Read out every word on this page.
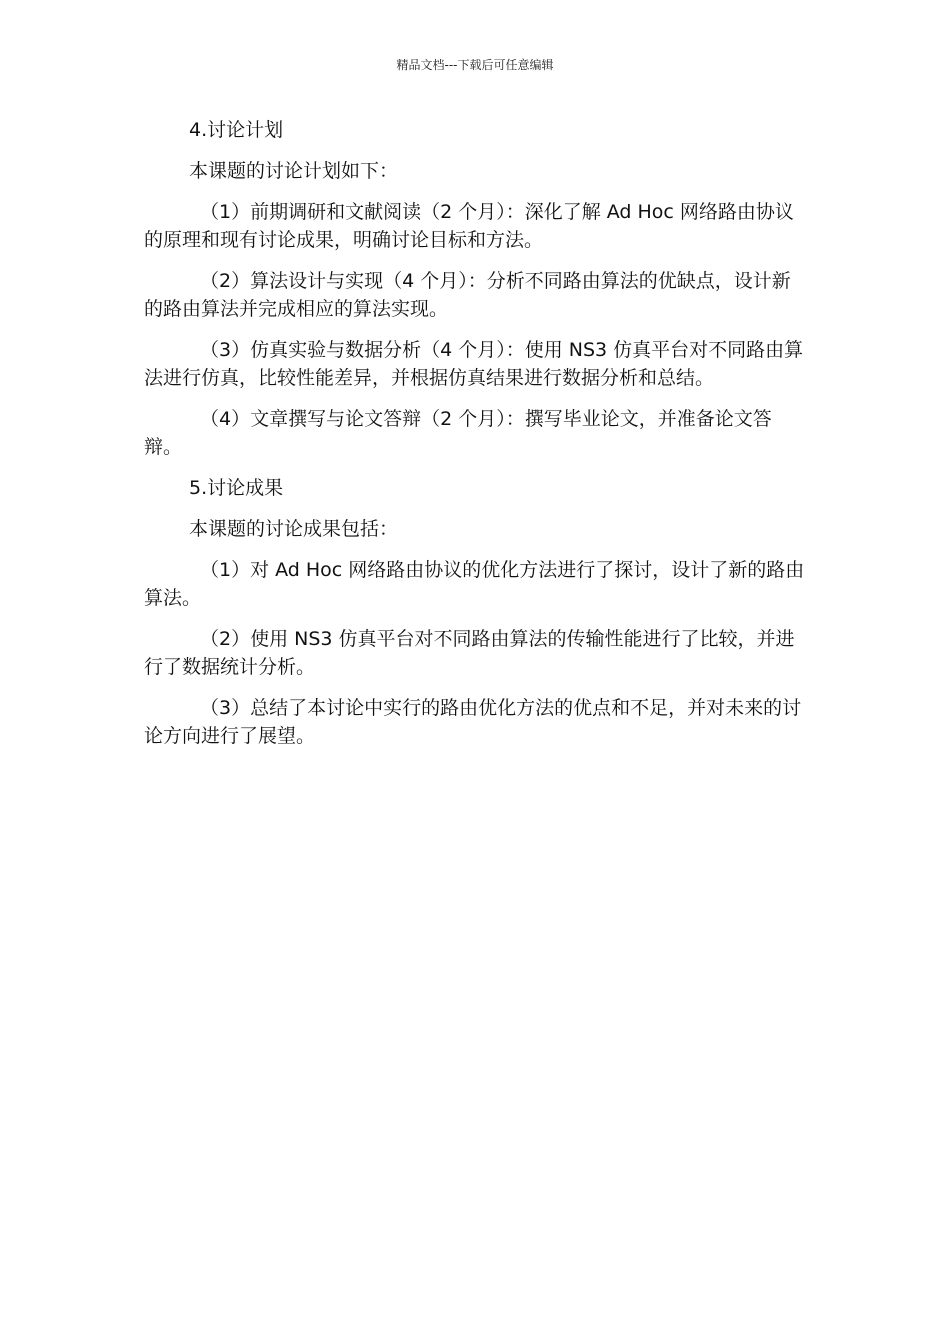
精品文档---下载后可任意编辑

4.讨论计划

本课题的讨论计划如下：

（1）前期调研和文献阅读（2 个月）：深化了解 Ad Hoc 网络路由协议的原理和现有讨论成果，明确讨论目标和方法。

（2）算法设计与实现（4 个月）：分析不同路由算法的优缺点，设计新的路由算法并完成相应的算法实现。

（3）仿真实验与数据分析（4 个月）：使用 NS3 仿真平台对不同路由算法进行仿真，比较性能差异，并根据仿真结果进行数据分析和总结。

（4）文章撰写与论文答辩（2 个月）：撰写毕业论文，并准备论文答辩。

5.讨论成果

本课题的讨论成果包括：

（1）对 Ad Hoc 网络路由协议的优化方法进行了探讨，设计了新的路由算法。

（2）使用 NS3 仿真平台对不同路由算法的传输性能进行了比较，并进行了数据统计分析。

（3）总结了本讨论中实行的路由优化方法的优点和不足，并对未来的讨论方向进行了展望。
